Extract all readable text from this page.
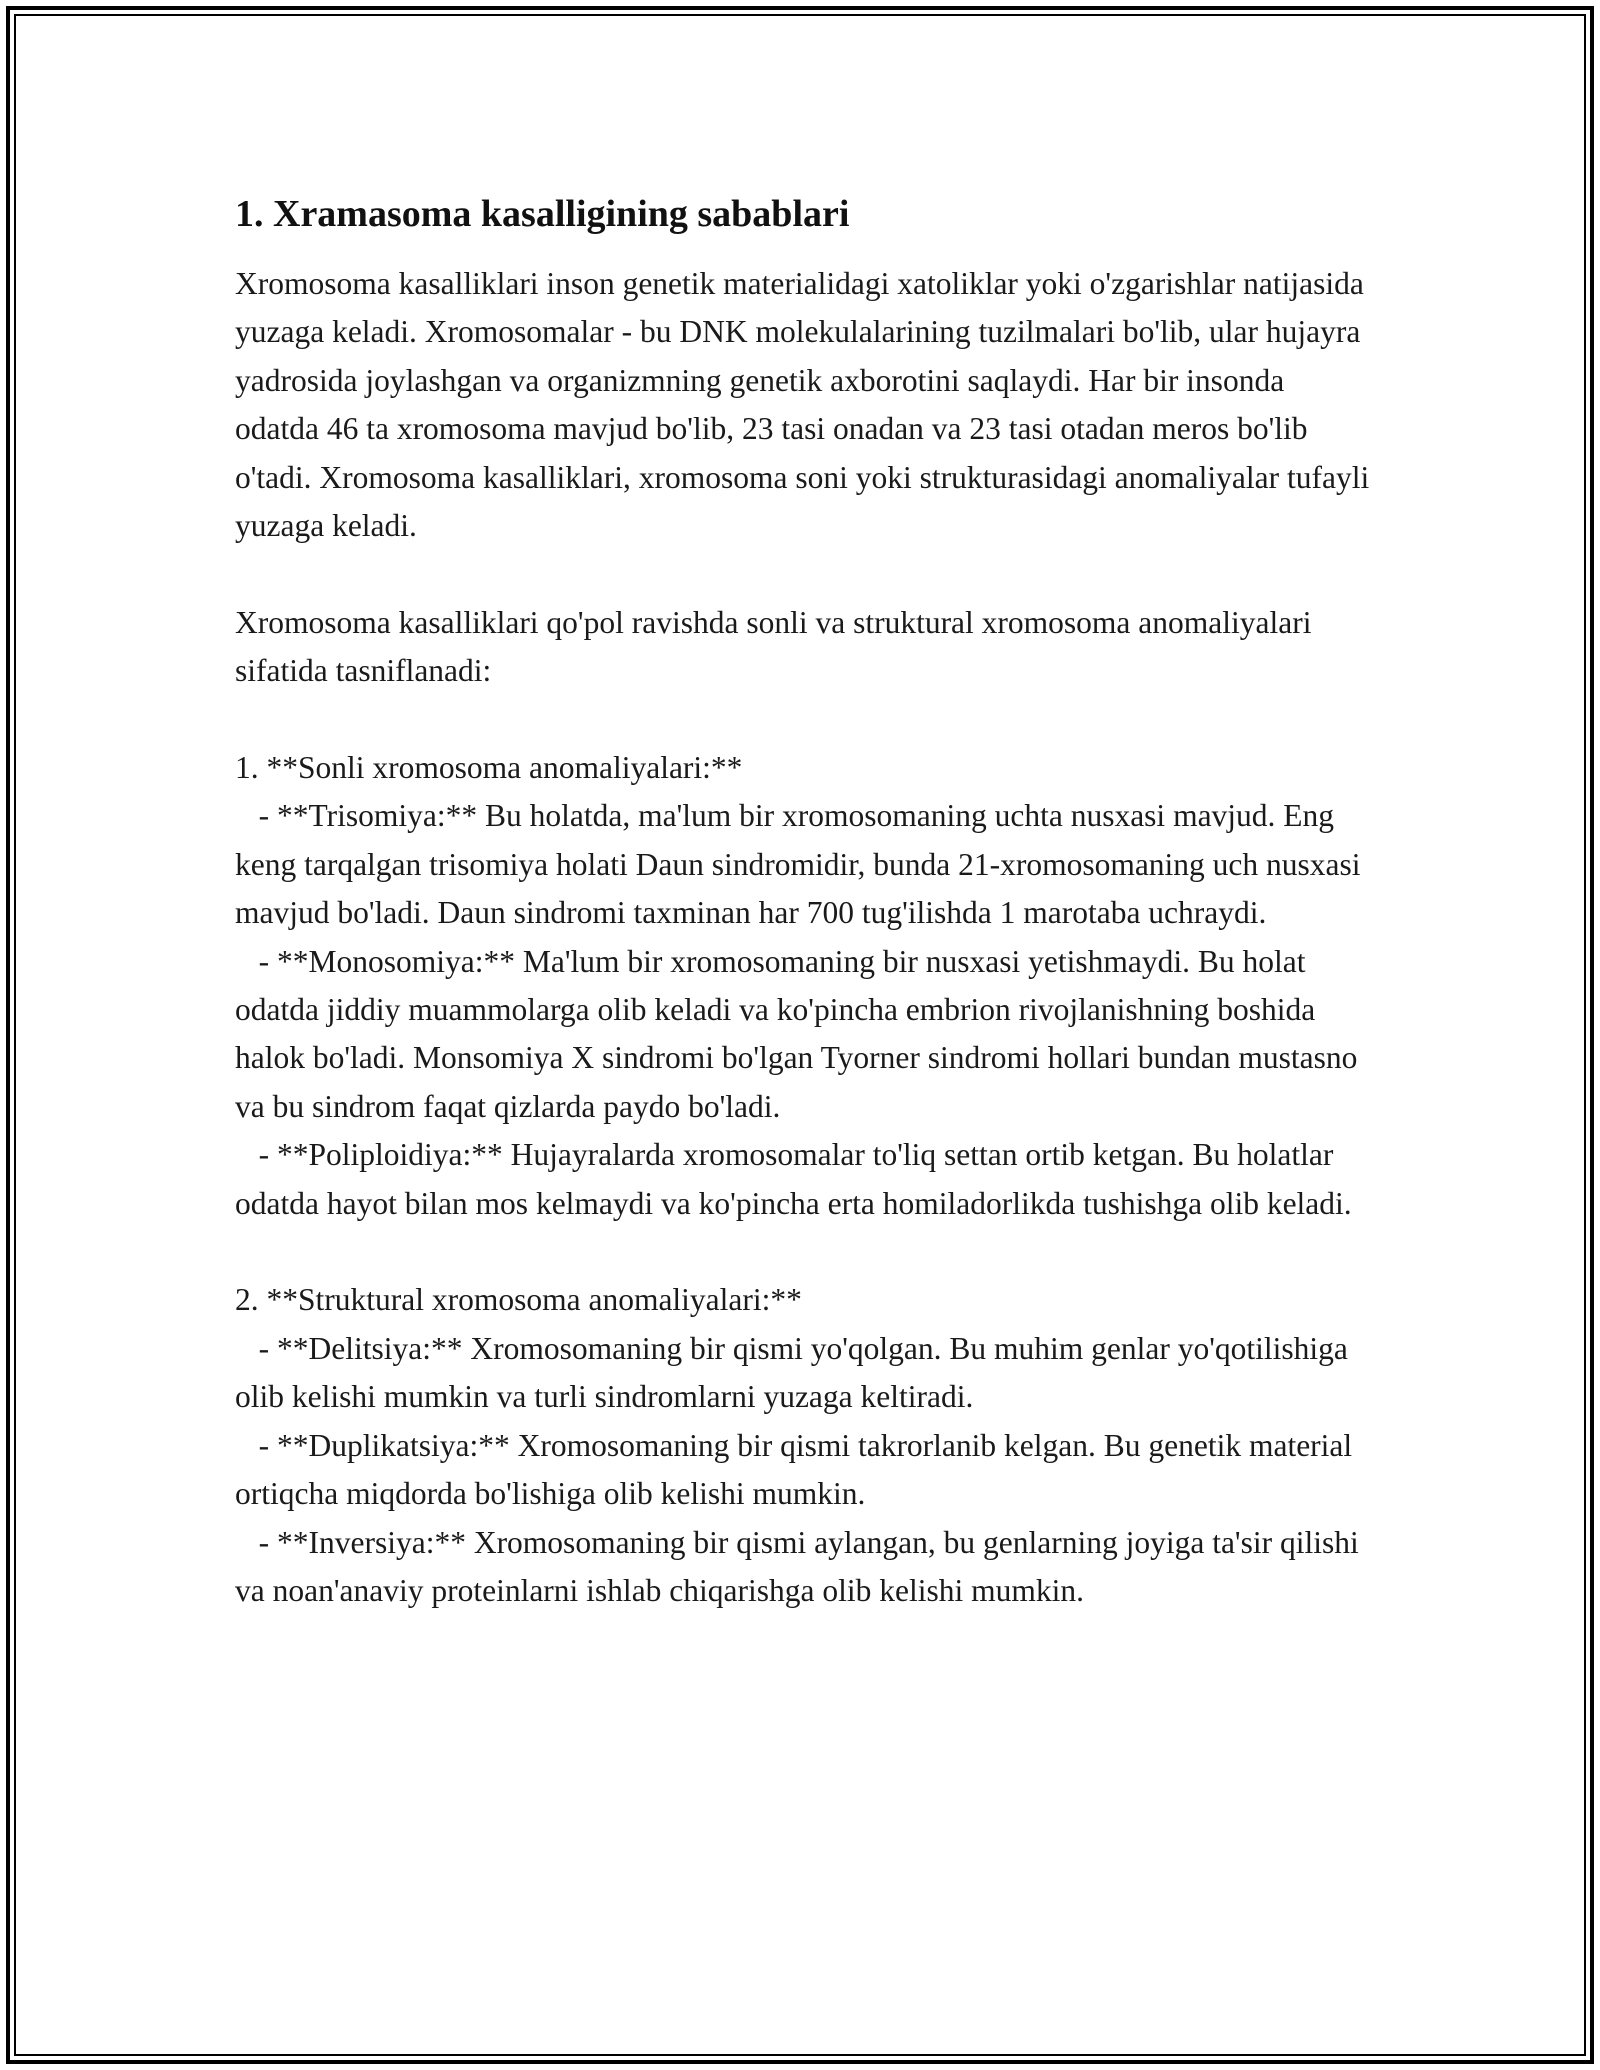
1. Xramasoma kasalligining sabablari

Xromosoma kasalliklari inson genetik materialidagi xatoliklar yoki o'zgarishlar natijasida yuzaga keladi. Xromosomalar - bu DNK molekulalarining tuzilmalari bo'lib, ular hujayra yadrosida joylashgan va organizmning genetik axborotini saqlaydi. Har bir insonda odatda 46 ta xromosoma mavjud bo'lib, 23 tasi onadan va 23 tasi otadan meros bo'lib o'tadi. Xromosoma kasalliklari, xromosoma soni yoki strukturasidagi anomaliyalar tufayli yuzaga keladi.

Xromosoma kasalliklari qo'pol ravishda sonli va struktural xromosoma anomaliyalari sifatida tasniflanadi:

1. **Sonli xromosoma anomaliyalari:**

- **Trisomiya:** Bu holatda, ma'lum bir xromosomaning uchta nusxasi mavjud. Eng keng tarqalgan trisomiya holati Daun sindromidir, bunda 21-xromosomaning uch nusxasi mavjud bo'ladi. Daun sindromi taxminan har 700 tug'ilishda 1 marotaba uchraydi.

- **Monosomiya:** Ma'lum bir xromosomaning bir nusxasi yetishmaydi. Bu holat odatda jiddiy muammolarga olib keladi va ko'pincha embrion rivojlanishning boshida halok bo'ladi. Monsomiya X sindromi bo'lgan Tyorner sindromi hollari bundan mustasno va bu sindrom faqat qizlarda paydo bo'ladi.

- **Poliploidiya:** Hujayralarda xromosomalar to'liq settan ortib ketgan. Bu holatlar odatda hayot bilan mos kelmaydi va ko'pincha erta homiladorlikda tushishga olib keladi.

2. **Struktural xromosoma anomaliyalari:**

- **Delitsiya:** Xromosomaning bir qismi yo'qolgan. Bu muhim genlar yo'qotilishiga olib kelishi mumkin va turli sindromlarni yuzaga keltiradi.

- **Duplikatsiya:** Xromosomaning bir qismi takrorlanib kelgan. Bu genetik material ortiqcha miqdorda bo'lishiga olib kelishi mumkin.

- **Inversiya:** Xromosomaning bir qismi aylangan, bu genlarning joyiga ta'sir qilishi va noan'anaviy proteinlarni ishlab chiqarishga olib kelishi mumkin.
